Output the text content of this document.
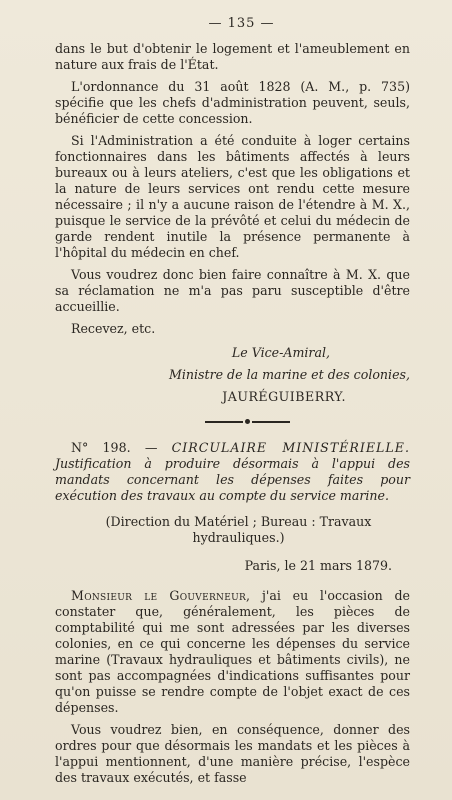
— 135 —

dans le but d'obtenir le logement et l'ameublement en nature aux frais de l'État.

L'ordonnance du 31 août 1828 (A. M., p. 735) spécifie que les chefs d'administration peuvent, seuls, bénéficier de cette concession.

Si l'Administration a été conduite à loger certains fonctionnaires dans les bâtiments affectés à leurs bureaux ou à leurs ateliers, c'est que les obligations et la nature de leurs services ont rendu cette mesure nécessaire ; il n'y a aucune raison de l'étendre à M. X., puisque le service de la prévôté et celui du médecin de garde rendent inutile la présence permanente à l'hôpital du médecin en chef.

Vous voudrez donc bien faire connaître à M. X. que sa réclamation ne m'a pas paru susceptible d'être accueillie.

Recevez, etc.

Le Vice-Amiral,

Ministre de la marine et des colonies,

JAURÉGUIBERRY.

N° 198. — CIRCULAIRE MINISTÉRIELLE. Justification à produire désormais à l'appui des mandats concernant les dépenses faites pour exécution des travaux au compte du service marine.

(Direction du Matériel ; Bureau : Travaux hydrauliques.)

Paris, le 21 mars 1879.

Monsieur le Gouverneur, j'ai eu l'occasion de constater que, généralement, les pièces de comptabilité qui me sont adressées par les diverses colonies, en ce qui concerne les dépenses du service marine (Travaux hydrauliques et bâtiments civils), ne sont pas accompagnées d'indications suffisantes pour qu'on puisse se rendre compte de l'objet exact de ces dépenses.

Vous voudrez bien, en conséquence, donner des ordres pour que désormais les mandats et les pièces à l'appui mentionnent, d'une manière précise, l'espèce des travaux exécutés, et fasse
